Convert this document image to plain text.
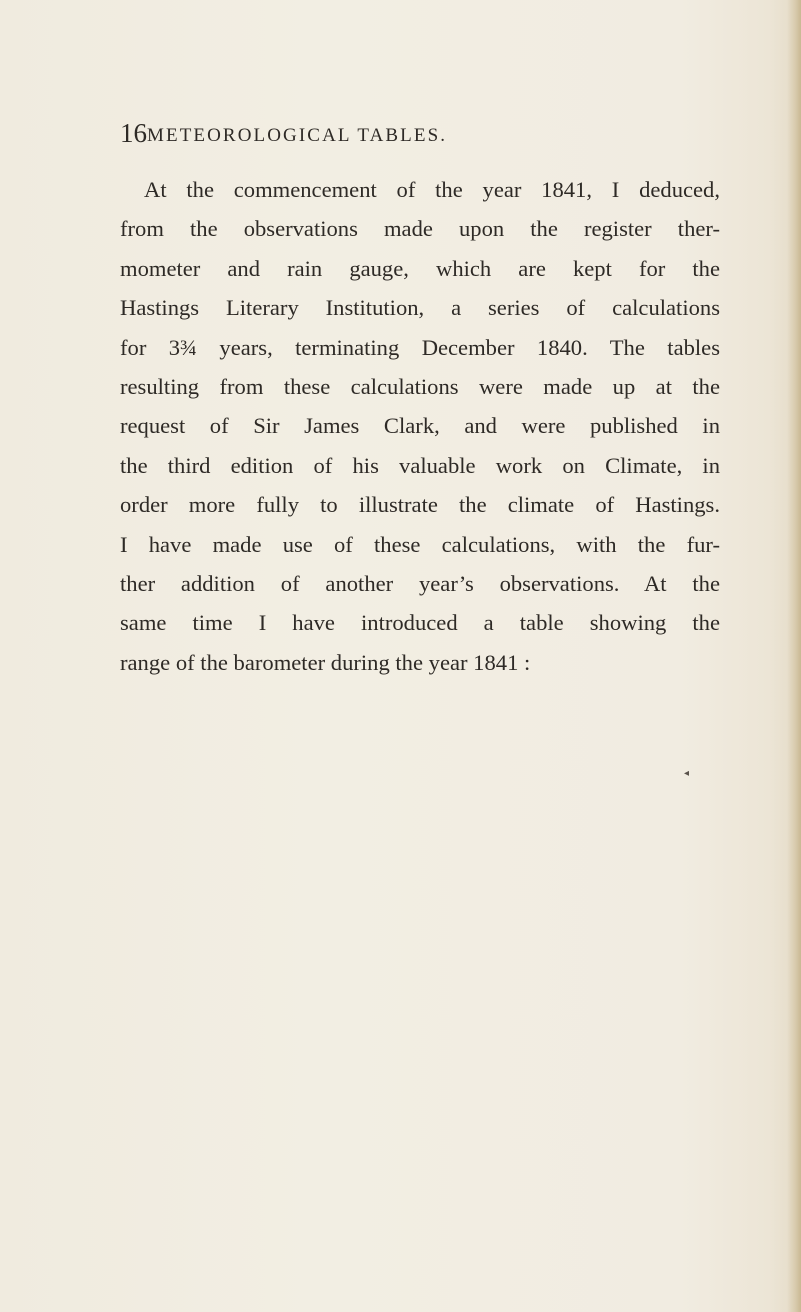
16 METEOROLOGICAL TABLES.
At the commencement of the year 1841, I deduced,
from the observations made upon the register ther-
mometer and rain gauge, which are kept for the
Hastings Literary Institution, a series of calculations
for 3¾ years, terminating December 1840. The tables
resulting from these calculations were made up at the
request of Sir James Clark, and were published in
the third edition of his valuable work on Climate, in
order more fully to illustrate the climate of Hastings.
I have made use of these calculations, with the fur-
ther addition of another year’s observations. At the
same time I have introduced a table showing the
range of the barometer during the year 1841 :
◂
